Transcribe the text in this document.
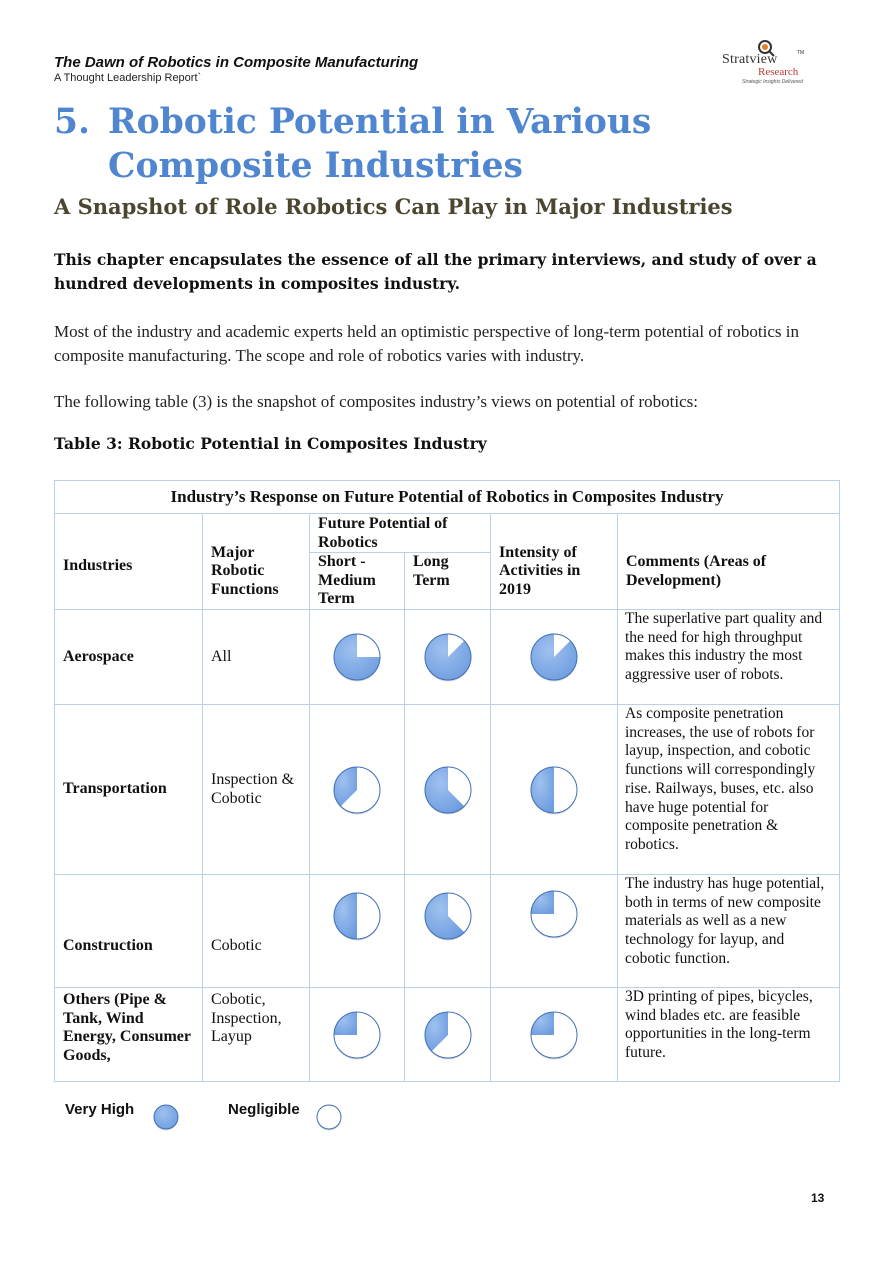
The Dawn of Robotics in Composite Manufacturing
A Thought Leadership Report`
Stratview	TM
Research
Strategic Insights Delivered
5. Robotic Potential in Various Composite Industries
A Snapshot of Role Robotics Can Play in Major Industries
This chapter encapsulates the essence of all the primary interviews, and study of over a hundred developments in composites industry.
Most of the industry and academic experts held an optimistic perspective of long-term potential of robotics in composite manufacturing. The scope and role of robotics varies with industry.
The following table (3) is the snapshot of composites industry’s views on potential of robotics:
Table 3: Robotic Potential in Composites Industry
Industry’s Response on Future Potential of Robotics in Composites Industry					
Industries	Major Robotic Functions	Future Potential of Robotics		Intensity of Activities in 2019	Comments (Areas of Development)
		Short - Medium Term	Long Term		
Aerospace	All				The superlative part quality and the need for high throughput makes this industry the most aggressive user of robots.
Transportation	Inspection & Cobotic				As composite penetration increases, the use of robots for layup, inspection, and cobotic functions will correspondingly rise. Railways, buses, etc. also have huge potential for composite penetration & robotics.
Construction	Cobotic				The industry has huge potential, both in terms of new composite materials as well as a new technology for layup, and cobotic function.
Others (Pipe & Tank, Wind Energy, Consumer Goods,	Cobotic, Inspection, Layup				3D printing of pipes, bicycles, wind blades etc. are feasible opportunities in the long-term future.
Very High	Negligible
13
